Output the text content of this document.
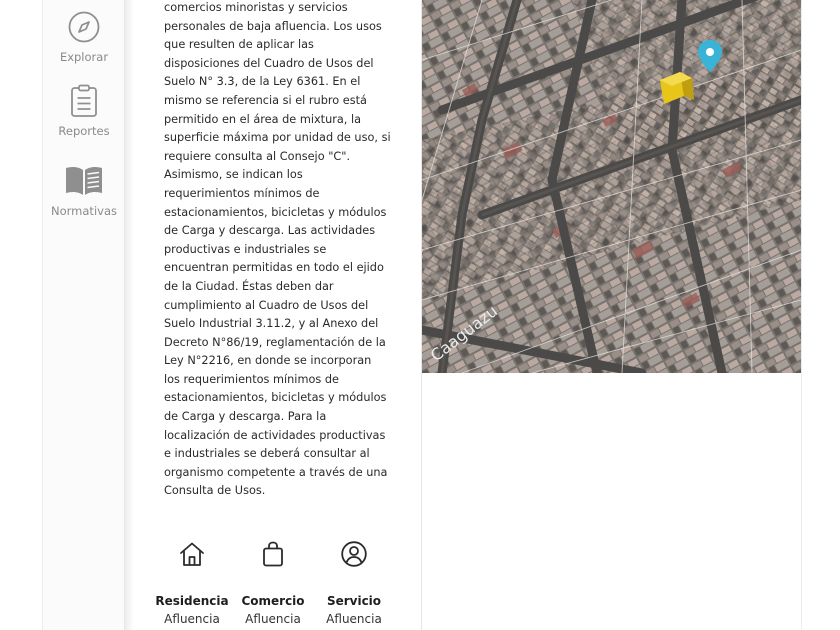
Explorar
Reportes
Normativas
comercios minoristas y servicios
personales de baja afluencia. Los usos
que resulten de aplicar las
disposiciones del Cuadro de Usos del
Suelo N° 3.3, de la Ley 6361. En el
mismo se referencia si el rubro está
permitido en el área de mixtura, la
superficie máxima por unidad de uso, si
requiere consulta al Consejo "C".
Asimismo, se indican los
requerimientos mínimos de
estacionamientos, bicicletas y módulos
de Carga y descarga. Las actividades
productivas e industriales se
encuentran permitidas en todo el ejido
de la Ciudad. Éstas deben dar
cumplimiento al Cuadro de Usos del
Suelo Industrial 3.11.2, y al Anexo del
Decreto N°86/19, reglamentación de la
Ley N°2216, en donde se incorporan
los requerimientos mínimos de
estacionamientos, bicicletas y módulos
de Carga y descarga. Para la
localización de actividades productivas
e industriales se deberá consultar al
organismo competente a través de una
Consulta de Usos.
Residencia
Afluencia
Comercio
Afluencia
Servicio
Afluencia
Caaguazu
